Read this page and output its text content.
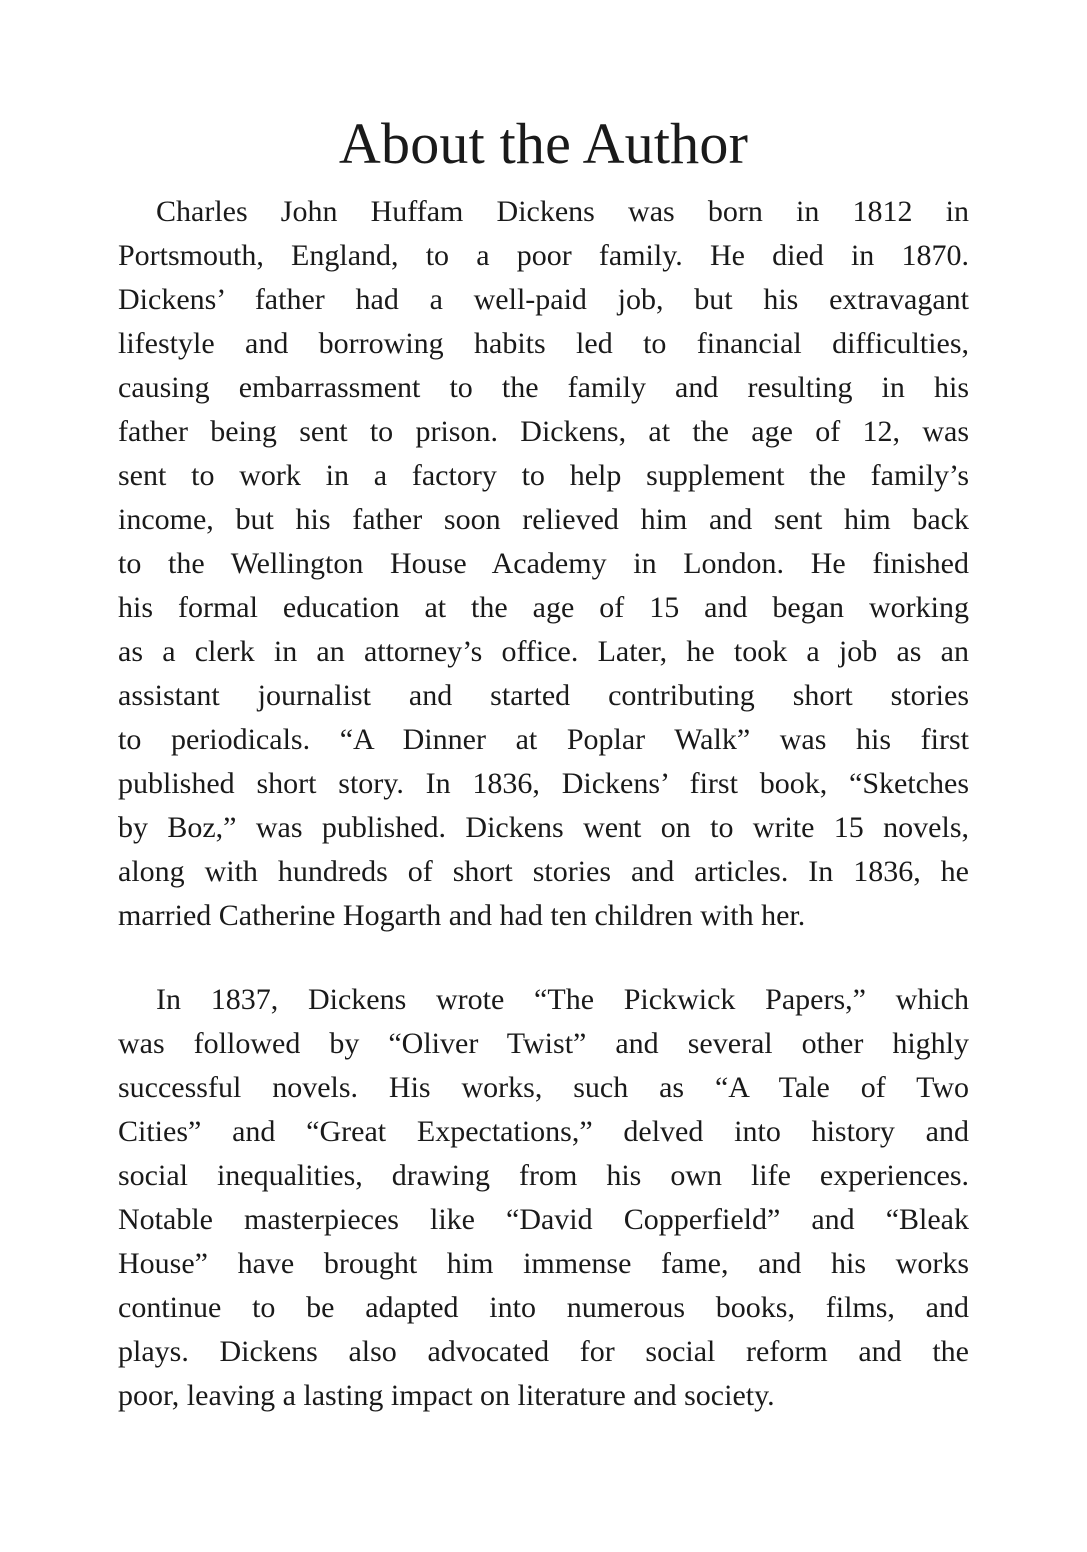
About the Author

Charles John Huffam Dickens was born in 1812 in
Portsmouth, England, to a poor family. He died in 1870.
Dickens’ father had a well-paid job, but his extravagant
lifestyle and borrowing habits led to financial difficulties,
causing embarrassment to the family and resulting in his
father being sent to prison. Dickens, at the age of 12, was
sent to work in a factory to help supplement the family’s
income, but his father soon relieved him and sent him back
to the Wellington House Academy in London. He finished
his formal education at the age of 15 and began working
as a clerk in an attorney’s office. Later, he took a job as an
assistant journalist and started contributing short stories
to periodicals. “A Dinner at Poplar Walk” was his first
published short story. In 1836, Dickens’ first book, “Sketches
by Boz,” was published. Dickens went on to write 15 novels,
along with hundreds of short stories and articles. In 1836, he
married Catherine Hogarth and had ten children with her.

In 1837, Dickens wrote “The Pickwick Papers,” which
was followed by “Oliver Twist” and several other highly
successful novels. His works, such as “A Tale of Two
Cities” and “Great Expectations,” delved into history and
social inequalities, drawing from his own life experiences.
Notable masterpieces like “David Copperfield” and “Bleak
House” have brought him immense fame, and his works
continue to be adapted into numerous books, films, and
plays. Dickens also advocated for social reform and the
poor, leaving a lasting impact on literature and society.
